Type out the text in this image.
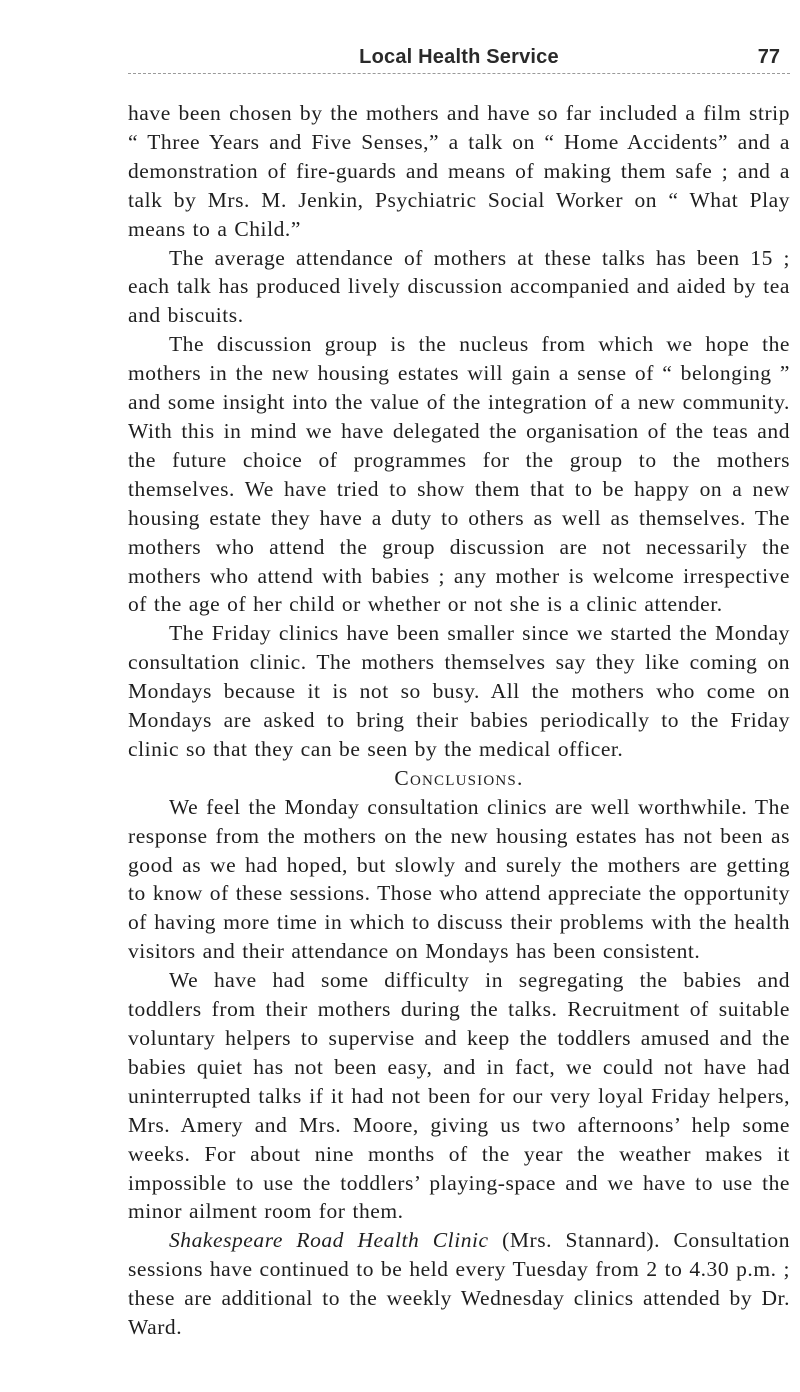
Local Health Service	77

have been chosen by the mothers and have so far included a film strip “ Three Years and Five Senses,” a talk on “ Home Accidents” and a demonstration of fire-guards and means of making them safe ; and a talk by Mrs. M. Jenkin, Psychiatric Social Worker on “ What Play means to a Child.”

The average attendance of mothers at these talks has been 15 ; each talk has produced lively discussion accompanied and aided by tea and biscuits.

The discussion group is the nucleus from which we hope the mothers in the new housing estates will gain a sense of “ belonging ” and some insight into the value of the integration of a new community. With this in mind we have delegated the organisation of the teas and the future choice of programmes for the group to the mothers themselves. We have tried to show them that to be happy on a new housing estate they have a duty to others as well as themselves. The mothers who attend the group discussion are not necessarily the mothers who attend with babies ; any mother is welcome irrespective of the age of her child or whether or not she is a clinic attender.

The Friday clinics have been smaller since we started the Monday consultation clinic. The mothers themselves say they like coming on Mondays because it is not so busy. All the mothers who come on Mondays are asked to bring their babies periodically to the Friday clinic so that they can be seen by the medical officer.

Conclusions.

We feel the Monday consultation clinics are well worthwhile. The response from the mothers on the new housing estates has not been as good as we had hoped, but slowly and surely the mothers are getting to know of these sessions. Those who attend appreciate the opportunity of having more time in which to discuss their problems with the health visitors and their attendance on Mondays has been consistent.

We have had some difficulty in segregating the babies and toddlers from their mothers during the talks. Recruitment of suitable voluntary helpers to supervise and keep the toddlers amused and the babies quiet has not been easy, and in fact, we could not have had uninterrupted talks if it had not been for our very loyal Friday helpers, Mrs. Amery and Mrs. Moore, giving us two afternoons’ help some weeks. For about nine months of the year the weather makes it impossible to use the toddlers’ playing-space and we have to use the minor ailment room for them.

Shakespeare Road Health Clinic (Mrs. Stannard). Consultation sessions have continued to be held every Tuesday from 2 to 4.30 p.m. ; these are additional to the weekly Wednesday clinics attended by Dr. Ward.
